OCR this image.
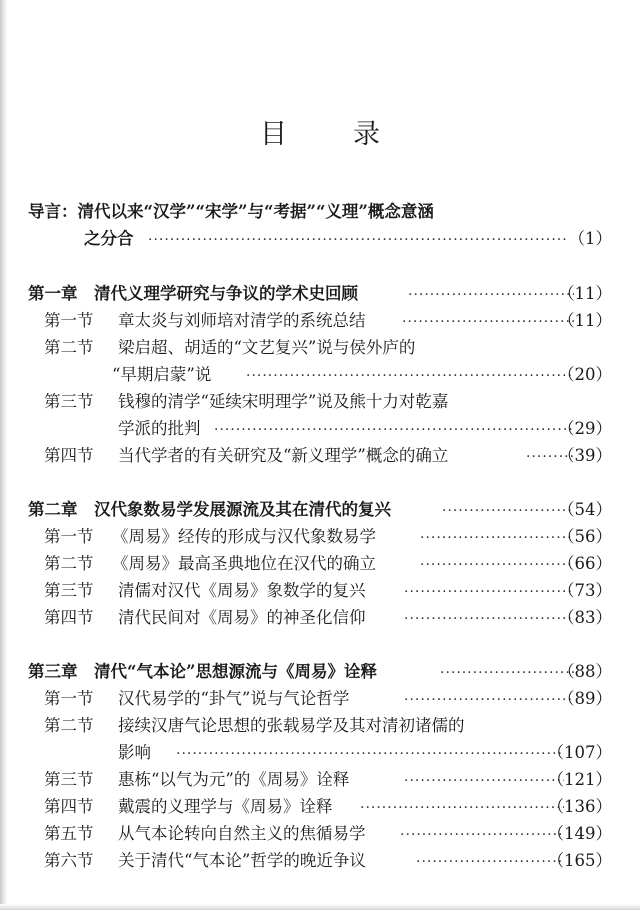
目 录
导言：清代以来“汉学”“宋学”与“考据”“义理”概念意涵
之分合 ·····	（1）
第一章　清代义理学研究与争议的学术史回顾 ·····	（11）
第一节 章太炎与刘师培对清学的系统总结 ·····	（11）
第二节 梁启超、胡适的“文艺复兴”说与侯外庐的
“早期启蒙”说 ·····	（20）
第三节 钱穆的清学“延续宋明理学”说及熊十力对乾嘉
学派的批判 ·····	（29）
第四节 当代学者的有关研究及“新义理学”概念的确立 ·····	（39）
第二章　汉代象数易学发展源流及其在清代的复兴 ·····	（54）
第一节 《周易》经传的形成与汉代象数易学 ·····	（56）
第二节 《周易》最高圣典地位在汉代的确立 ·····	（66）
第三节 清儒对汉代《周易》象数学的复兴 ·····	（73）
第四节 清代民间对《周易》的神圣化信仰 ·····	（83）
第三章　清代“气本论”思想源流与《周易》诠释 ·····	（88）
第一节 汉代易学的“卦气”说与气论哲学 ·····	（89）
第二节 接续汉唐气论思想的张载易学及其对清初诸儒的
影响 ·····	（107）
第三节 惠栋“以气为元”的《周易》诠释 ·····	（121）
第四节 戴震的义理学与《周易》诠释 ·····	（136）
第五节 从气本论转向自然主义的焦循易学 ·····	（149）
第六节 关于清代“气本论”哲学的晚近争议 ·····	（165）
